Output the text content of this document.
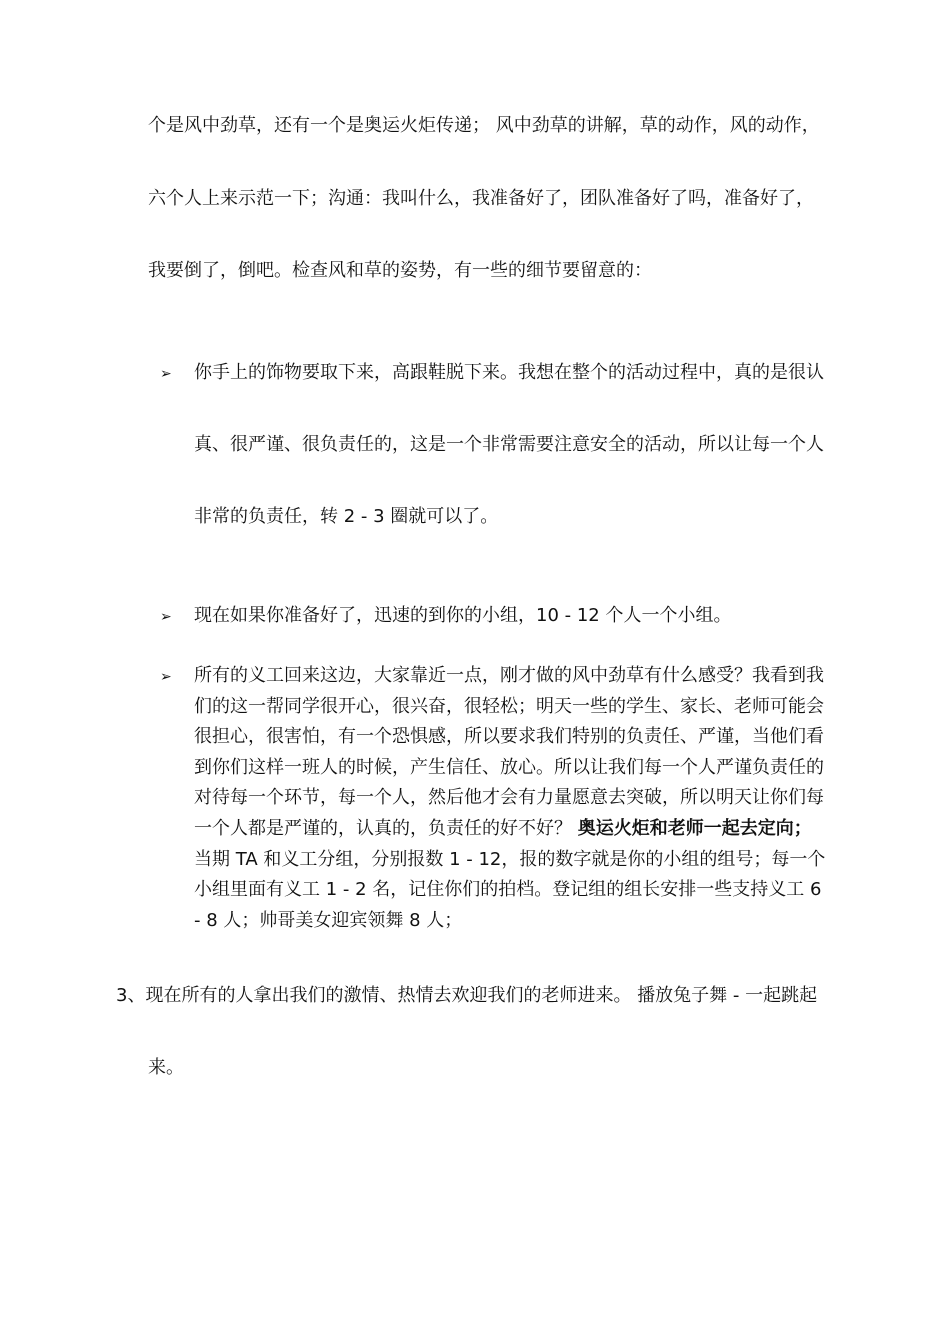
个是风中劲草，还有一个是奥运火炬传递； 风中劲草的讲解，草的动作，风的动作，
六个人上来示范一下；沟通：我叫什么，我准备好了，团队准备好了吗，准备好了，
我要倒了，倒吧。检查风和草的姿势，有一些的细节要留意的：
➢ 你手上的饰物要取下来，高跟鞋脱下来。我想在整个的活动过程中，真的是很认
真、很严谨、很负责任的，这是一个非常需要注意安全的活动，所以让每一个人
非常的负责任，转 2 - 3 圈就可以了。
➢ 现在如果你准备好了，迅速的到你的小组，10 - 12 个人一个小组。
➢ 所有的义工回来这边，大家靠近一点，刚才做的风中劲草有什么感受？我看到我
们的这一帮同学很开心，很兴奋，很轻松；明天一些的学生、家长、老师可能会
很担心，很害怕，有一个恐惧感，所以要求我们特别的负责任、严谨，当他们看
到你们这样一班人的时候，产生信任、放心。所以让我们每一个人严谨负责任的
对待每一个环节，每一个人，然后他才会有力量愿意去突破，所以明天让你们每
一个人都是严谨的，认真的，负责任的好不好？ 奥运火炬和老师一起去定向；
当期 TA 和义工分组，分别报数 1 - 12，报的数字就是你的小组的组号；每一个
小组里面有义工 1 - 2 名，记住你们的拍档。登记组的组长安排一些支持义工 6
- 8 人；帅哥美女迎宾领舞 8 人；
3、现在所有的人拿出我们的激情、热情去欢迎我们的老师进来。 播放兔子舞 - 一起跳起
来。
